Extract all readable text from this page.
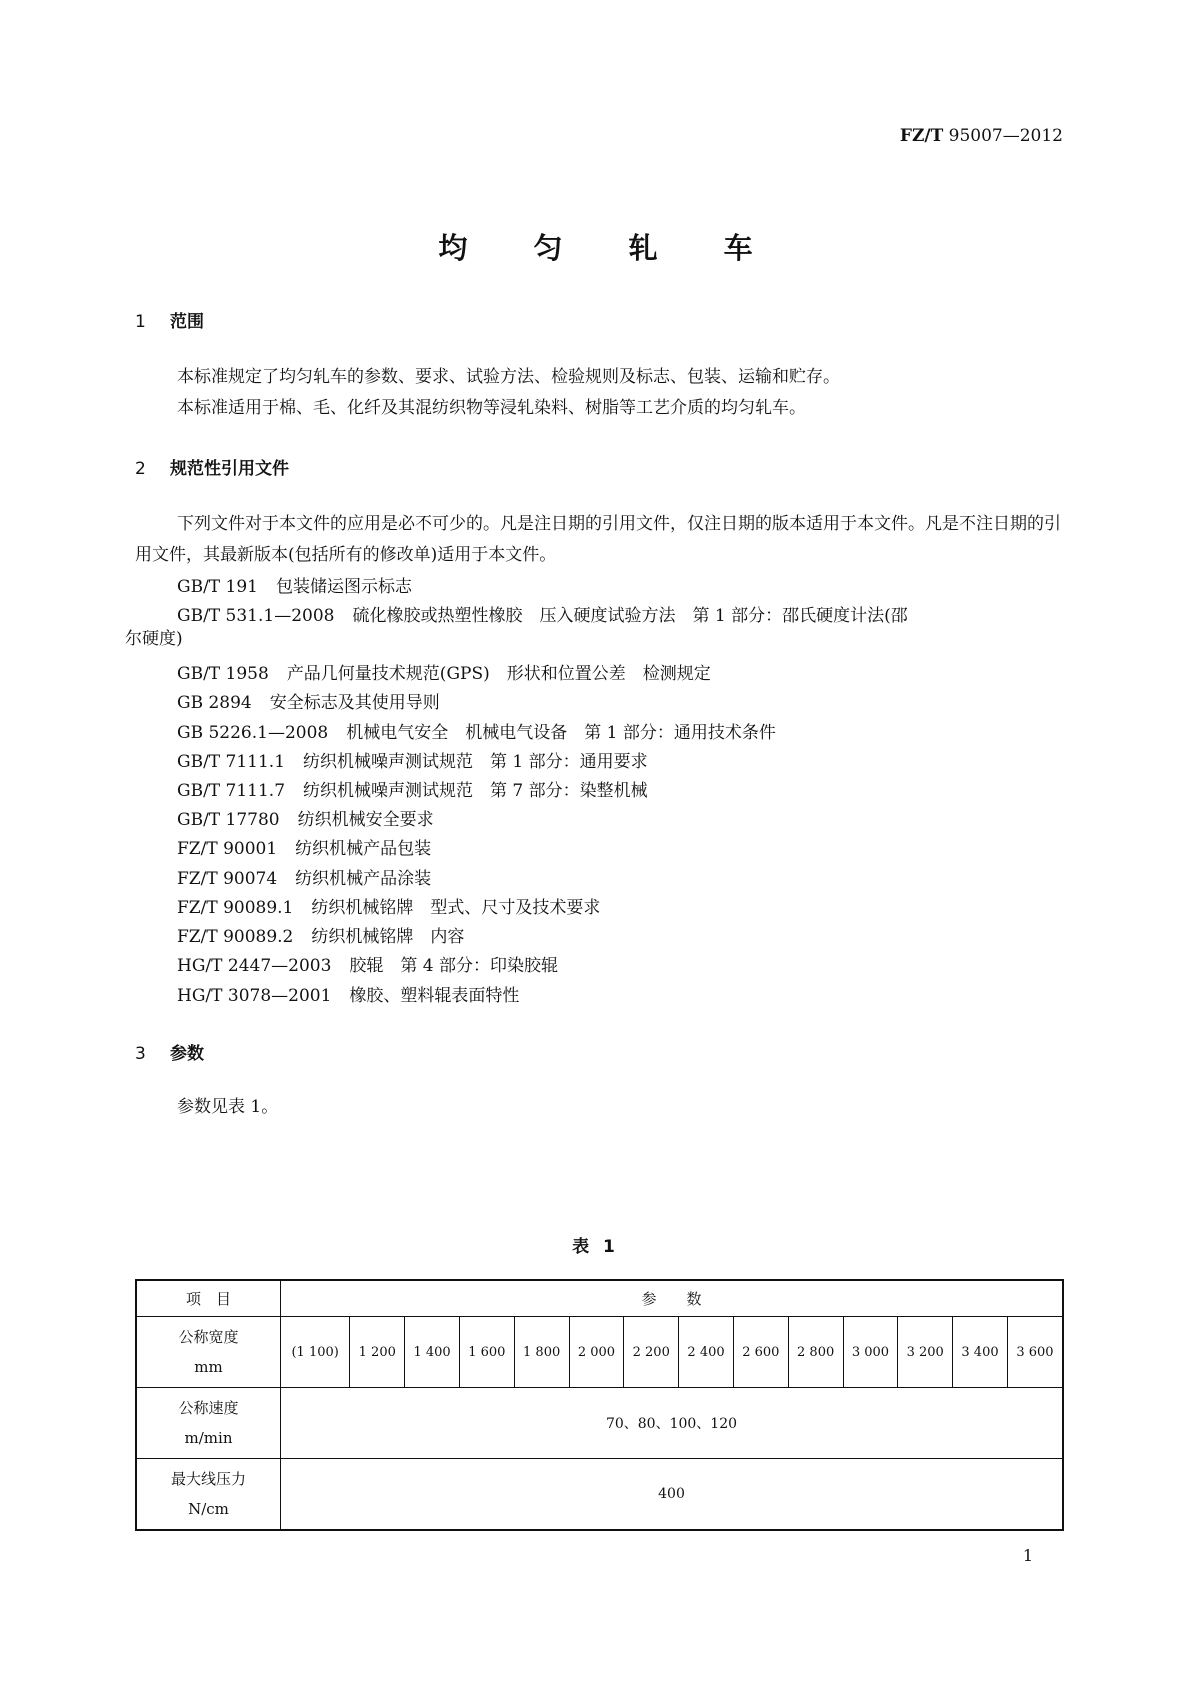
FZ/T 95007—2012
均 匀 轧 车
1 范围
本标准规定了均匀轧车的参数、要求、试验方法、检验规则及标志、包装、运输和贮存。
本标准适用于棉、毛、化纤及其混纺织物等浸轧染料、树脂等工艺介质的均匀轧车。
2 规范性引用文件
下列文件对于本文件的应用是必不可少的。凡是注日期的引用文件，仅注日期的版本适用于本文件。凡是不注日期的引用文件，其最新版本(包括所有的修改单)适用于本文件。
GB/T 191 包装储运图示标志
GB/T 531.1—2008 硫化橡胶或热塑性橡胶　压入硬度试验方法　第 1 部分：邵氏硬度计法(邵
尔硬度)
GB/T 1958 产品几何量技术规范(GPS)　形状和位置公差　检测规定
GB 2894 安全标志及其使用导则
GB 5226.1—2008 机械电气安全　机械电气设备　第 1 部分：通用技术条件
GB/T 7111.1 纺织机械噪声测试规范　第 1 部分：通用要求
GB/T 7111.7 纺织机械噪声测试规范　第 7 部分：染整机械
GB/T 17780 纺织机械安全要求
FZ/T 90001 纺织机械产品包装
FZ/T 90074 纺织机械产品涂装
FZ/T 90089.1 纺织机械铭牌　型式、尺寸及技术要求
FZ/T 90089.2 纺织机械铭牌　内容
HG/T 2447—2003 胶辊　第 4 部分：印染胶辊
HG/T 3078—2001 橡胶、塑料辊表面特性
3 参数
参数见表 1。
表 1
项　目	参　　数													

公称宽度
mm	(1 100)	1 200	1 400	1 600	1 800	2 000	2 200	2 400	2 600	2 800	3 000	3 200	3 400	3 600

公称速度
m/min	70、80、100、120													

最大线压力
N/cm	400													
1
